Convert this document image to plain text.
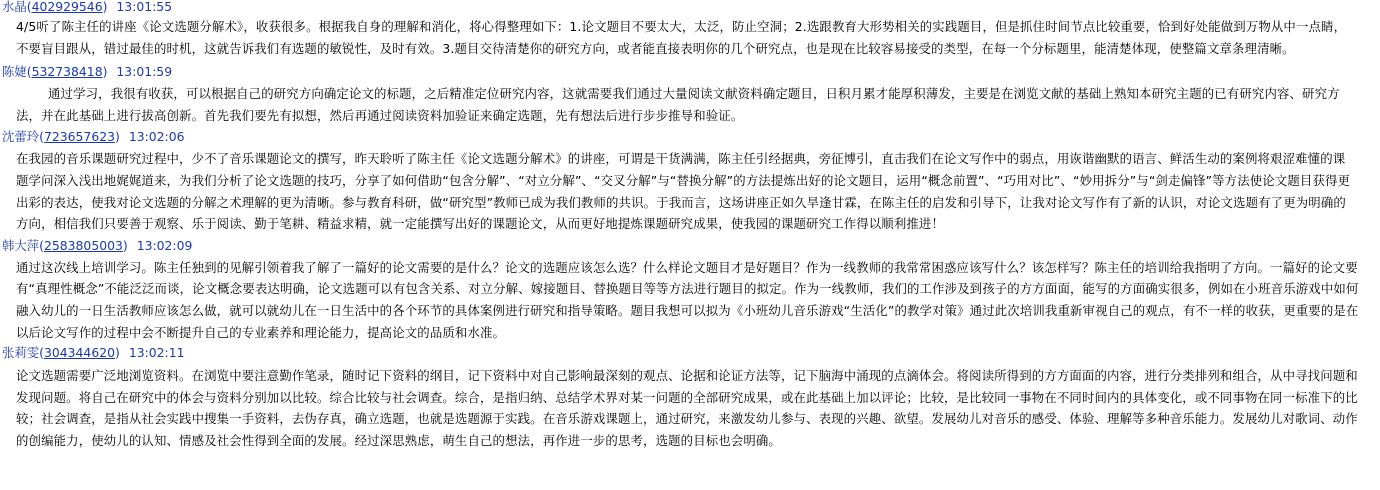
水晶(402929546) 13:01:55

4/5听了陈主任的讲座《论文选题分解术》，收获很多。根据我自身的理解和消化，将心得整理如下：1.论文题目不要太大，太泛，防止空洞；2.选跟教育大形势相关的实践题目，但是抓住时间节点比较重要，恰到好处能做到万物从中一点睛，不要盲目跟从，错过最佳的时机，这就告诉我们有选题的敏锐性，及时有效。3.题目交待清楚你的研究方向，或者能直接表明你的几个研究点，也是现在比较容易接受的类型，在每一个分标题里，能清楚体现，使整篇文章条理清晰。

陈婕(532738418) 13:01:59

通过学习，我很有收获，可以根据自己的研究方向确定论文的标题，之后精准定位研究内容，这就需要我们通过大量阅读文献资料确定题目，日积月累才能厚积薄发，主要是在浏览文献的基础上熟知本研究主题的已有研究内容、研究方法，并在此基础上进行拔高创新。首先我们要先有拟想，然后再通过阅读资料加验证来确定选题，先有想法后进行步步推导和验证。

沈蕾玲(723657623) 13:02:06

在我园的音乐课题研究过程中，少不了音乐课题论文的撰写，昨天聆听了陈主任《论文选题分解术》的讲座，可谓是干货满满，陈主任引经据典，旁征博引，直击我们在论文写作中的弱点，用诙谐幽默的语言、鲜活生动的案例将艰涩难懂的课题学问深入浅出地娓娓道来，为我们分析了论文选题的技巧，分享了如何借助“包含分解”、“对立分解”、“交叉分解”与“替换分解”的方法提炼出好的论文题目，运用“概念前置”、“巧用对比”、“妙用拆分”与“剑走偏锋”等方法使论文题目获得更出彩的表达，使我对论文选题的分解之术理解的更为清晰。参与教育科研，做“研究型”教师已成为我们教师的共识。于我而言，这场讲座正如久旱逢甘霖，在陈主任的启发和引导下，让我对论文写作有了新的认识，对论文选题有了更为明确的方向，相信我们只要善于观察、乐于阅读、勤于笔耕、精益求精，就一定能撰写出好的课题论文，从而更好地提炼课题研究成果，使我园的课题研究工作得以顺利推进！

韩大萍(2583805003) 13:02:09

通过这次线上培训学习。陈主任独到的见解引领着我了解了一篇好的论文需要的是什么？论文的选题应该怎么选？什么样论文题目才是好题目？作为一线教师的我常常困惑应该写什么？该怎样写？陈主任的培训给我指明了方向。一篇好的论文要有“真理性概念”不能泛泛而谈，论文概念要表达明确，论文选题可以有包含关系、对立分解、嫁接题目、替换题目等等方法进行题目的拟定。作为一线教师，我们的工作涉及到孩子的方方面面，能写的方面确实很多，例如在小班音乐游戏中如何融入幼儿的一日生活教师应该怎么做，就可以就幼儿在一日生活中的各个环节的具体案例进行研究和指导策略。题目我想可以拟为《小班幼儿音乐游戏“生活化”的教学对策》通过此次培训我重新审视自己的观点，有不一样的收获，更重要的是在以后论文写作的过程中会不断提升自己的专业素养和理论能力，提高论文的品质和水准。

张莉雯(304344620) 13:02:11

论文选题需要广泛地浏览资料。在浏览中要注意勤作笔录，随时记下资料的纲目，记下资料中对自己影响最深刻的观点、论据和论证方法等，记下脑海中涌现的点滴体会。将阅读所得到的方方面面的内容，进行分类排列和组合，从中寻找问题和发现问题。将自己在研究中的体会与资料分别加以比较。综合比较与社会调查。综合，是指归纳、总结学术界对某一问题的全部研究成果，或在此基础上加以评论；比较，是比较同一事物在不同时间内的具体变化，或不同事物在同一标准下的比较；社会调查，是指从社会实践中搜集一手资料，去伪存真，确立选题，也就是选题源于实践。在音乐游戏课题上，通过研究，来激发幼儿参与、表现的兴趣、欲望。发展幼儿对音乐的感受、体验、理解等多种音乐能力。发展幼儿对歌词、动作的创编能力，使幼儿的认知、情感及社会性得到全面的发展。经过深思熟虑，萌生自己的想法，再作进一步的思考，选题的目标也会明确。
